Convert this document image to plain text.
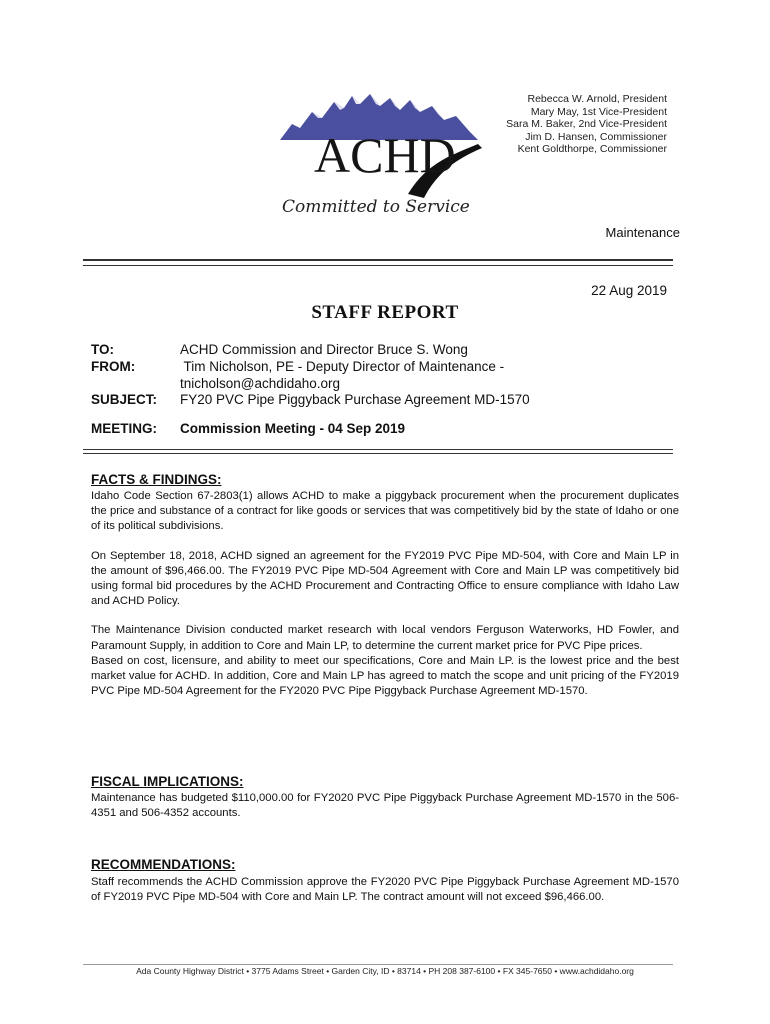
ACHD
Committed to Service
Rebecca W. Arnold, President
Mary May, 1st Vice-President
Sara M. Baker, 2nd Vice-President
Jim D. Hansen, Commissioner
Kent Goldthorpe, Commissioner
Maintenance
22 Aug 2019
STAFF REPORT
TO:	ACHD Commission and Director Bruce S. Wong
FROM:	Tim Nicholson, PE - Deputy Director of Maintenance -
tnicholson@achdidaho.org
SUBJECT:	FY20 PVC Pipe Piggyback Purchase Agreement MD-1570
MEETING:	Commission Meeting - 04 Sep 2019
FACTS & FINDINGS:

Idaho Code Section 67-2803(1) allows ACHD to make a piggyback procurement when the procurement duplicates the price and substance of a contract for like goods or services that was competitively bid by the state of Idaho or one of its political subdivisions.

On September 18, 2018, ACHD signed an agreement for the FY2019 PVC Pipe MD-504, with Core and Main LP in the amount of $96,466.00. The FY2019 PVC Pipe MD-504 Agreement with Core and Main LP was competitively bid using formal bid procedures by the ACHD Procurement and Contracting Office to ensure compliance with Idaho Law and ACHD Policy.

The Maintenance Division conducted market research with local vendors Ferguson Waterworks, HD Fowler, and Paramount Supply, in addition to Core and Main LP, to determine the current market price for PVC Pipe prices.

Based on cost, licensure, and ability to meet our specifications, Core and Main LP. is the lowest price and the best market value for ACHD. In addition, Core and Main LP has agreed to match the scope and unit pricing of the FY2019 PVC Pipe MD-504 Agreement for the FY2020 PVC Pipe Piggyback Purchase Agreement MD-1570.

FISCAL IMPLICATIONS:

Maintenance has budgeted $110,000.00 for FY2020 PVC Pipe Piggyback Purchase Agreement MD-1570 in the 506-4351 and 506-4352 accounts.

RECOMMENDATIONS:

Staff recommends the ACHD Commission approve the FY2020 PVC Pipe Piggyback Purchase Agreement MD-1570 of FY2019 PVC Pipe MD-504 with Core and Main LP. The contract amount will not exceed $96,466.00.

Ada County Highway District • 3775 Adams Street • Garden City, ID • 83714 • PH 208 387-6100 • FX 345-7650 • www.achdidaho.org
